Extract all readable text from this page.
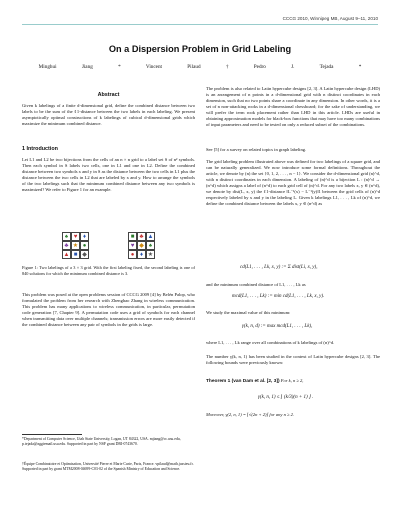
CCCG 2010, Winnipeg MB, August 9–11, 2010
On a Dispersion Problem in Grid Labeling
Minghui Jiang *	Vincent Pilaud †	Pedro J. Tejada *
Abstract
Given k labelings of a finite d-dimensional grid, define the combined distance between two labels to be the sum of the ℓ1-distance between the two labels in each labeling. We present asymptotically optimal constructions of k labelings of cubical d-dimensional grids which maximize the minimum combined distance.
1 Introduction
Let L1 and L2 be two bijections from the cells of an n × n grid to a label set S of n² symbols. Then each symbol in S labels two cells, one in L1 and one in L2. Define the combined distance between two symbols x and y in S as the distance between the two cells in L1 plus the distance between the two cells in L2 that are labeled by x and y. How to arrange the symbols of the two labelings such that the minimum combined distance between any two symbols is maximized? We refer to Figure 1 for an example.
♠ ♥ ♦
♣ ★ ●
▲ ■ ◆
■ ♣ ▲
♥ ◆ ♠
● ♦ ★
Figure 1: Two labelings of a 3 × 3 grid. With the first labeling fixed, the second labeling is one of 840 solutions for which the minimum combined distance is 3.
This problem was posed at the open problems session of CCCG 2009 [4] by Belén Palop, who formulated the problem from her research with Zhenghao Zhang in wireless communication. This problem has many applications to wireless communication, in particular, permutation code generation [7, Chapter 9]. A permutation code uses a grid of symbols for each channel when transmitting data over multiple channels; transmission errors are more easily detected if the combined distance between any pair of symbols in the grids is large.
*Department of Computer Science, Utah State University, Logan, UT 84322, USA. mjiang@cc.usu.edu, p.tejada@aggiemail.usu.edu. Supported in part by NSF grant DBI-0743670.
†Équipe Combinatoire et Optimisation, Université Pierre et Marie Curie, Paris, France. vpilaud@math.jussieu.fr. Supported in part by grant MTM2008-04699-C03-02 of the Spanish Ministry of Education and Science.
The problem is also related to Latin hypercube designs [2, 3]. A Latin hypercube design (LHD) is an arrangement of n points in a d-dimensional grid with n distinct coordinates in each dimension, such that no two points share a coordinate in any dimension. In other words, it is a set of n non-attacking rooks in a d-dimensional chessboard; for the sake of understanding, we will prefer the term rook placement rather than LHD in this article. LHDs are useful in obtaining approximation models for black-box functions that may have too many combinations of input parameters and need to be tested on only a reduced subset of the combinations.
See [5] for a survey on related topics in graph labeling.
The grid labeling problem illustrated above was defined for two labelings of a square grid, and can be naturally generalized. We now introduce some formal definitions. Throughout the article, we denote by (n) the set {0, 1, 2, . . . , n − 1}. We consider the d-dimensional grid (n)^d, with n distinct coordinates in each dimension. A labeling of (n)^d is a bijection L : (n)^d → (n^d) which assigns a label of (n^d) to each grid cell of (n)^d. For any two labels x, y ∈ (n^d), we denote by dist(L, x, y) the ℓ1-distance ‖L⁻¹(x) − L⁻¹(y)‖1 between the grid cells of (n)^d respectively labeled by x and y in the labeling L. Given k labelings L1, . . . , Lk of (n)^d, we define the combined distance between the labels x, y ∈ (n^d) as
cd(L1, . . . , Lk, x, y) := Σ dist(Li, x, y),
and the minimum combined distance of L1, . . . , Lk as
mcd(L1, . . . , Lk) := min cd(L1, . . . , Lk, x, y).
We study the maximal value of this minimum:
γ(k, n, d) := max mcd(L1, . . . , Lk),
where L1, . . . , Lk range over all combinations of k labelings of (n)^d.
The number γ(k, n, 1) has been studied in the context of Latin hypercube designs [2, 3]. The following bounds were previously known:
Theorem 1 (van Dam et al. [2, 3]) For k, n ≥ 2,
γ(k, n, 1) ≤ ⌊ (k/3)(n + 1) ⌋ .
Moreover, γ(2, n, 1) = ⌊√(2n + 2)⌋ for any n ≥ 2.
